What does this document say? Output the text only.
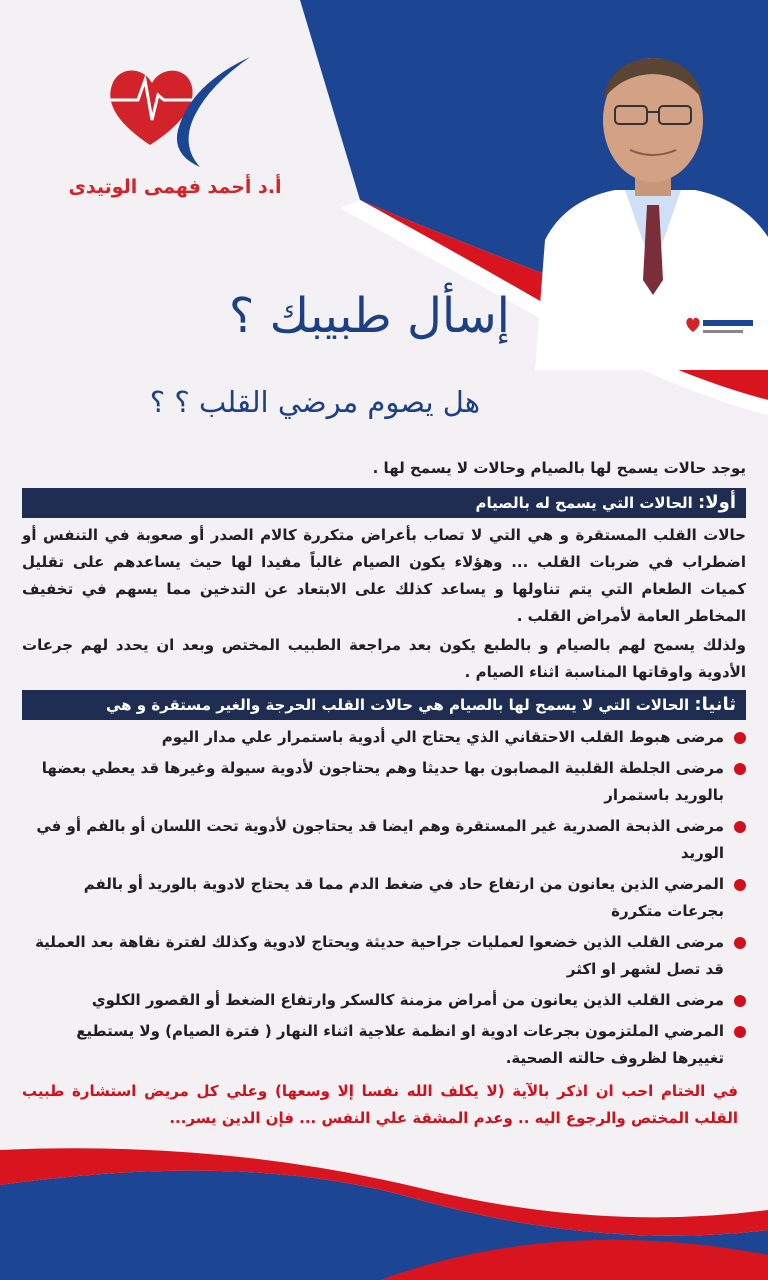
أ.د أحمد فهمى الوتيدى
إسأل طبيبك ؟
هل يصوم مرضي القلب ؟ ؟

يوجد حالات يسمح لها بالصيام وحالات لا يسمح لها .

أولا: الحالات التي يسمح له بالصيام

حالات القلب المستقرة و هي التي لا تصاب بأعراض متكررة كالام الصدر أو صعوبة في التنفس أو اضطراب في ضربات القلب ... وهؤلاء يكون الصيام غالباً مفيدا لها حيث يساعدهم على تقليل كميات الطعام التي يتم تناولها و يساعد كذلك على الابتعاد عن التدخين مما يسهم في تخفيف المخاطر العامة لأمراض القلب .

ولذلك يسمح لهم بالصيام و بالطبع يكون بعد مراجعة الطبيب المختص وبعد ان يحدد لهم جرعات الأدوية واوقاتها المناسبة اثناء الصيام .

ثانيا: الحالات التي لا يسمح لها بالصيام هي حالات القلب الحرجة والغير مستقرة و هي
مرضى هبوط القلب الاحتقاني الذي يحتاج الي أدوية باستمرار علي مدار اليوم
مرضى الجلطة القلبية المصابون بها حديثا وهم يحتاجون لأدوية سيولة وغيرها قد يعطي بعضها بالوريد باستمرار
مرضى الذبحة الصدرية غير المستقرة وهم ايضا قد يحتاجون لأدوية تحت اللسان أو بالفم أو في الوريد
المرضي الذين يعانون من ارتفاع حاد في ضغط الدم مما قد يحتاج لادوية بالوريد أو بالفم بجرعات متكررة
مرضى القلب الذين خضعوا لعمليات جراحية حديثة ويحتاج لادوية وكذلك لفترة نقاهة بعد العملية قد تصل لشهر او اكثر
مرضى القلب الذين يعانون من أمراض مزمنة كالسكر وارتفاع الضغط أو القصور الكلوي
المرضي الملتزمون بجرعات ادوية او انظمة علاجية اثناء النهار ( فترة الصيام) ولا يستطيع تغييرها لظروف حالته الصحية.

في الختام احب ان اذكر بالآية (لا يكلف الله نفسا إلا وسعها) وعلي كل مريض استشارة طبيب القلب المختص والرجوع اليه .. وعدم المشقة علي النفس ... فإن الدين يسر...
